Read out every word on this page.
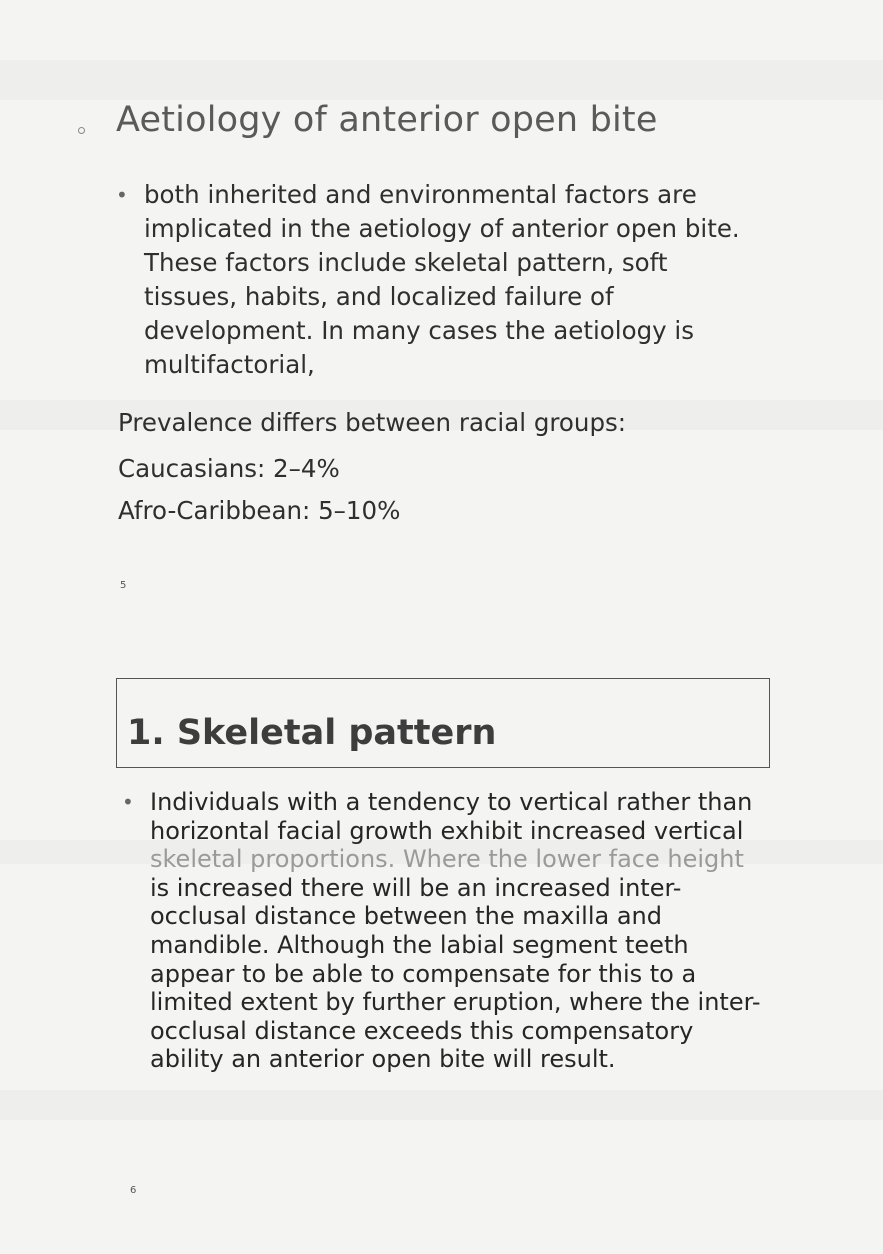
Aetiology of anterior open bite
• both inherited and environmental factors are implicated in the aetiology of anterior open bite. These factors include skeletal pattern, soft tissues, habits, and localized failure of development. In many cases the aetiology is multifactorial,
Prevalence differs between racial groups:
Caucasians: 2–4%
Afro-Caribbean: 5–10%
5
1. Skeletal pattern
• Individuals with a tendency to vertical rather than horizontal facial growth exhibit increased vertical skeletal proportions. Where the lower face height is increased there will be an increased inter-occlusal distance between the maxilla and mandible. Although the labial segment teeth appear to be able to compensate for this to a limited extent by further eruption, where the inter-occlusal distance exceeds this compensatory ability an anterior open bite will result.
6
